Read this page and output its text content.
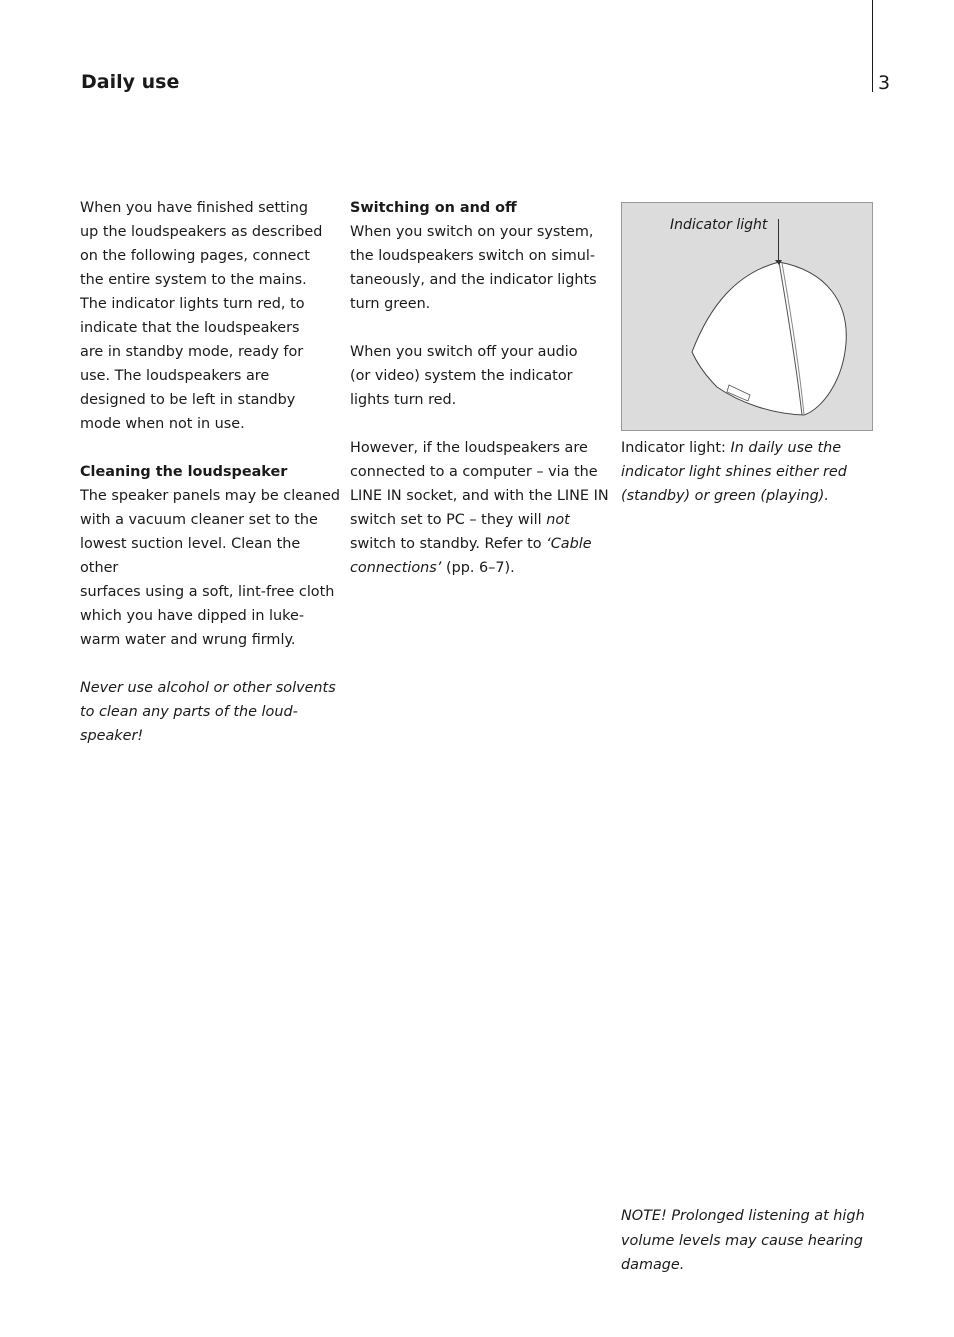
3
Daily use

When you have finished setting
up the loudspeakers as described
on the following pages, connect
the entire system to the mains.
The indicator lights turn red, to
indicate that the loudspeakers
are in standby mode, ready for
use. The loudspeakers are
designed to be left in standby
mode when not in use.

Cleaning the loudspeaker

The speaker panels may be cleaned
with a vacuum cleaner set to the
lowest suction level. Clean the other
surfaces using a soft, lint-free cloth
which you have dipped in luke-
warm water and wrung firmly.

Never use alcohol or other solvents
to clean any parts of the loud-
speaker!

Switching on and off

When you switch on your system,
the loudspeakers switch on simul-
taneously, and the indicator lights
turn green.

When you switch off your audio
(or video) system the indicator
lights turn red.

However, if the loudspeakers are
connected to a computer – via the
LINE IN socket, and with the LINE IN
switch set to PC – they will not
switch to standby. Refer to ‘Cable
connections’ (pp. 6–7).

Indicator light
Indicator light: In daily use the
indicator light shines either red
(standby) or green (playing).
NOTE! Prolonged listening at high
volume levels may cause hearing
damage.
